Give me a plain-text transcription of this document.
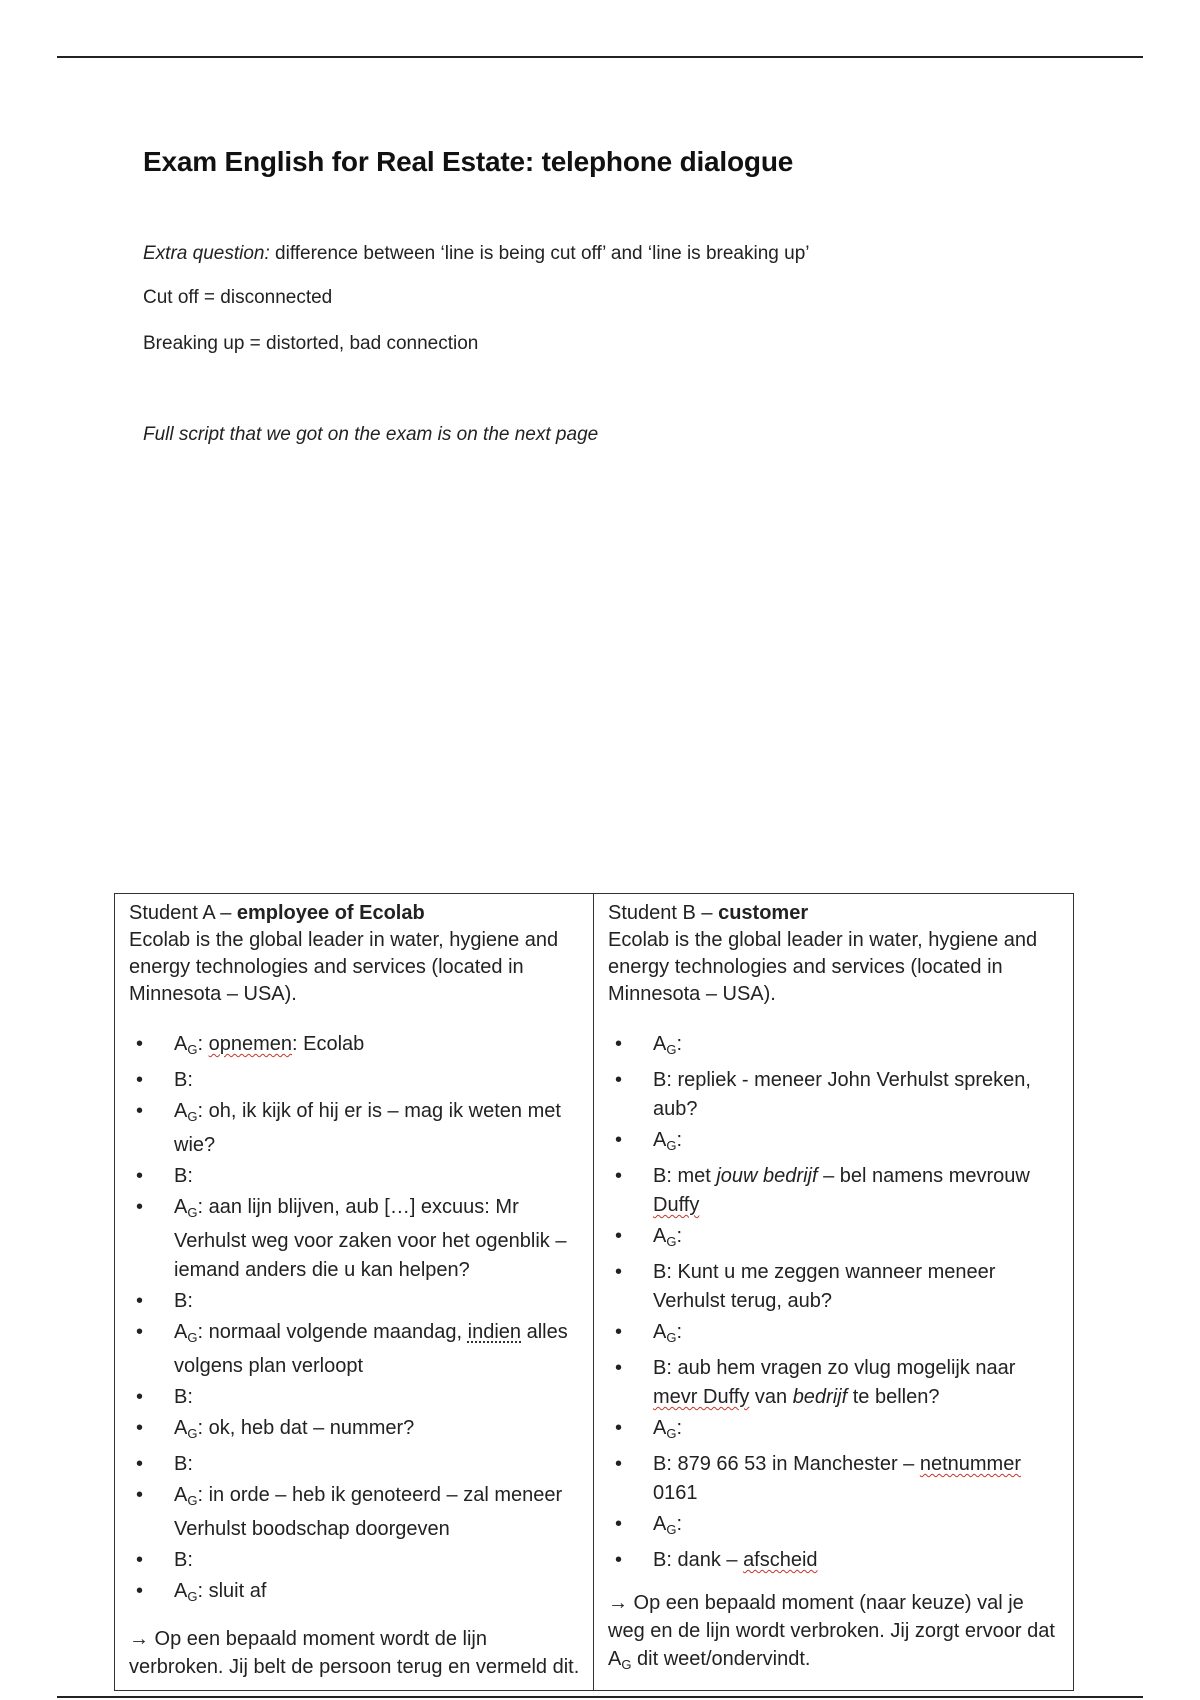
Exam English for Real Estate: telephone dialogue
Extra question: difference between ‘line is being cut off’ and ‘line is breaking up’
Cut off = disconnected
Breaking up = distorted, bad connection
Full script that we got on the exam is on the next page
Student A – employee of Ecolab

Ecolab is the global leader in water, hygiene and energy technologies and services (located in Minnesota – USA).

• $A_G$: opnemen: Ecolab
• B:
• $A_G$: oh, ik kijk of hij er is – mag ik weten met wie?
• B:
• $A_G$: aan lijn blijven, aub […] excuus: Mr Verhulst weg voor zaken voor het ogenblik – iemand anders die u kan helpen?
• B:
• $A_G$: normaal volgende maandag, indien alles volgens plan verloopt
• B:
• $A_G$: ok, heb dat – nummer?
• B:
• $A_G$: in orde – heb ik genoteerd – zal meneer Verhulst boodschap doorgeven
• B:
• $A_G$: sluit af
→ Op een bepaald moment wordt de lijn verbroken. Jij belt de persoon terug en vermeld dit.
Student B – customer

Ecolab is the global leader in water, hygiene and energy technologies and services (located in Minnesota – USA).

• $A_G$:
• B: repliek - meneer John Verhulst spreken, aub?
• $A_G$:
• B: met jouw bedrijf – bel namens mevrouw Duffy
• $A_G$:
• B: Kunt u me zeggen wanneer meneer Verhulst terug, aub?
• $A_G$:
• B: aub hem vragen zo vlug mogelijk naar mevr Duffy van bedrijf te bellen?
• $A_G$:
• B: 879 66 53 in Manchester – netnummer 0161
• $A_G$:
• B: dank – afscheid
→ Op een bepaald moment (naar keuze) val je weg en de lijn wordt verbroken. Jij zorgt ervoor dat $A_G$ dit weet/ondervindt.
